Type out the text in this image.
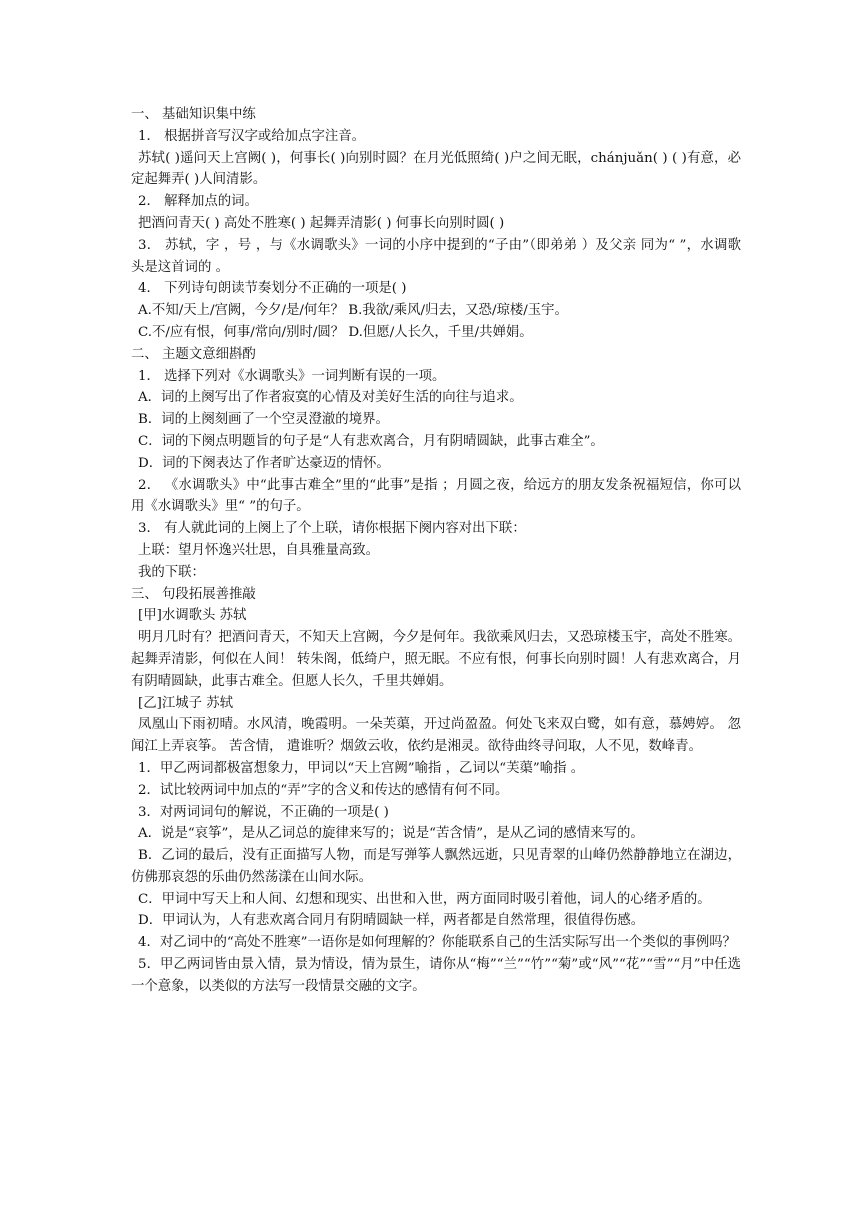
一、 基础知识集中练

1． 根据拼音写汉字或给加点字注音。

苏轼( )遥问天上宫阙( )，何事长( )向别时圆？在月光低照绮( )户之间无眠，chánjuǎn( ) ( )有意，必定起舞弄( )人间清影。

2． 解释加点的词。

把酒问青天( ) 高处不胜寒( ) 起舞弄清影( ) 何事长向别时圆( )

3． 苏轼，字 ，号 ，与《水调歌头》一词的小序中提到的“子由”（即弟弟 ）及父亲 同为“ ”，水调歌头是这首词的 。

4． 下列诗句朗读节奏划分不正确的一项是( )

A.不知/天上/宫阙，今夕/是/何年？ B.我欲/乘风/归去，又恐/琼楼/玉宇。

C.不/应有恨，何事/常向/别时/圆？ D.但愿/人长久，千里/共婵娟。

二、 主题文意细斟酌

1． 选择下列对《水调歌头》一词判断有误的一项。

A．词的上阕写出了作者寂寞的心情及对美好生活的向往与追求。

B．词的上阕刻画了一个空灵澄澈的境界。

C．词的下阕点明题旨的句子是“人有悲欢离合，月有阴晴圆缺，此事古难全”。

D．词的下阕表达了作者旷达豪迈的情怀。

2． 《水调歌头》中“此事古难全”里的“此事”是指 ；月圆之夜，给远方的朋友发条祝福短信，你可以用《水调歌头》里“ ”的句子。

3． 有人就此词的上阕上了个上联，请你根据下阕内容对出下联：

上联：望月怀逸兴壮思，自具雅量高致。

我的下联：

三、 句段拓展善推敲

[甲]水调歌头 苏轼

明月几时有？把酒问青天，不知天上宫阙，今夕是何年。我欲乘风归去，又恐琼楼玉宇，高处不胜寒。起舞弄清影，何似在人间！ 转朱阁，低绮户，照无眠。不应有恨，何事长向别时圆！人有悲欢离合，月有阴晴圆缺，此事古难全。但愿人长久，千里共婵娟。

[乙]江城子 苏轼

凤凰山下雨初晴。水风清，晚霞明。一朵芙蕖，开过尚盈盈。何处飞来双白鹭，如有意，慕娉婷。 忽闻江上弄哀筝。 苦含情， 遣谁听？烟敛云收，依约是湘灵。欲待曲终寻问取，人不见，数峰青。

1．甲乙两词都极富想象力，甲词以“天上宫阙”喻指 ，乙词以“芙蕖”喻指 。

2．试比较两词中加点的“弄”字的含义和传达的感情有何不同。

3．对两词词句的解说，不正确的一项是( )

A．说是“哀筝”，是从乙词总的旋律来写的；说是“苦含情”，是从乙词的感情来写的。

B．乙词的最后，没有正面描写人物，而是写弹筝人飘然远逝，只见青翠的山峰仍然静静地立在湖边，仿佛那哀怨的乐曲仍然荡漾在山间水际。

C．甲词中写天上和人间、幻想和现实、出世和入世，两方面同时吸引着他，词人的心绪矛盾的。

D．甲词认为，人有悲欢离合同月有阴晴圆缺一样，两者都是自然常理，很值得伤感。

4．对乙词中的“高处不胜寒”一语你是如何理解的？你能联系自己的生活实际写出一个类似的事例吗？

5．甲乙两词皆由景入情，景为情设，情为景生，请你从“梅”“兰”“竹”“菊”或“风”“花”“雪”“月”中任选一个意象，以类似的方法写一段情景交融的文字。
